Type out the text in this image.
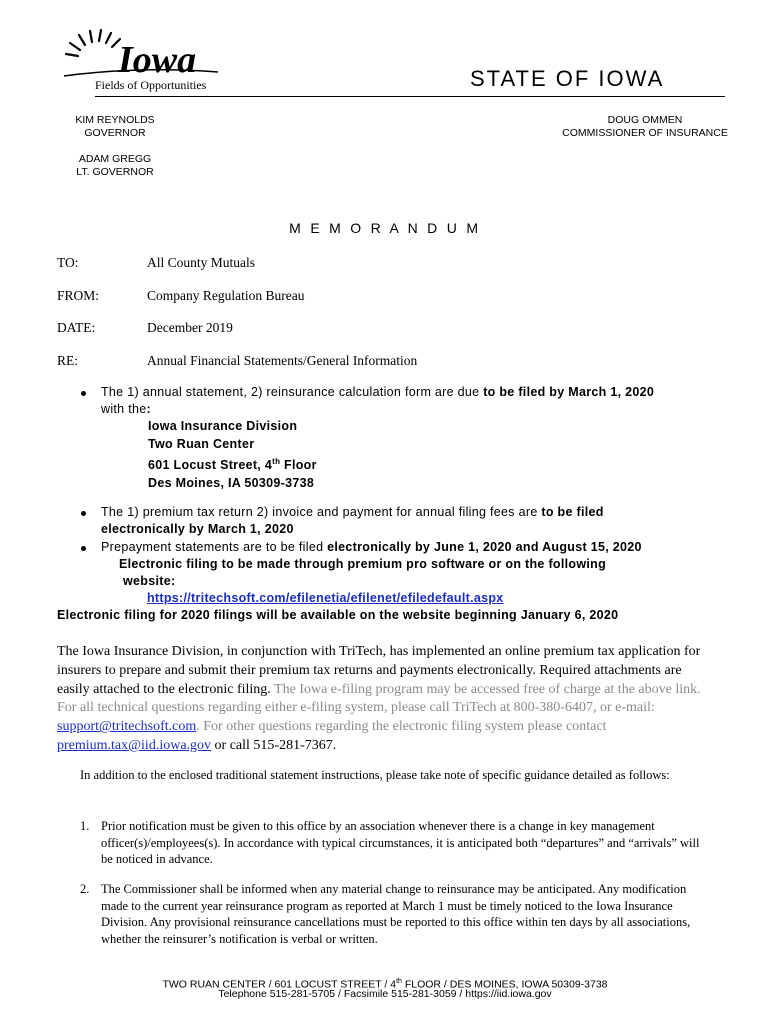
Iowa
Fields of Opportunities	STATE OF IOWA
KIM REYNOLDS
GOVERNOR
ADAM GREGG
LT. GOVERNOR
DOUG OMMEN
COMMISSIONER OF INSURANCE
M E M O R A N D U M
TO:	All County Mutuals
FROM:	Company Regulation Bureau
DATE:	December 2019
RE:	Annual Financial Statements/General Information
The 1) annual statement, 2) reinsurance calculation form are due to be filed by March 1, 2020
with the:
Iowa Insurance Division
Two Ruan Center
601 Locust Street, 4th Floor
Des Moines, IA 50309-3738
The 1) premium tax return 2) invoice and payment for annual filing fees are to be filed
electronically by March 1, 2020
Prepayment statements are to be filed electronically by June 1, 2020 and August 15, 2020
Electronic filing to be made through premium pro software or on the following
website:
https://tritechsoft.com/efilenetia/efilenet/efiledefault.aspx
Electronic filing for 2020 filings will be available on the website beginning January 6, 2020
The Iowa Insurance Division, in conjunction with TriTech, has implemented an online premium tax application for insurers to prepare and submit their premium tax returns and payments electronically. Required attachments are easily attached to the electronic filing. The Iowa e-filing program may be accessed free of charge at the above link. For all technical questions regarding either e-filing system, please call TriTech at 800-380-6407, or e-mail: support@tritechsoft.com. For other questions regarding the electronic filing system please contact premium.tax@iid.iowa.gov or call 515-281-7367.
In addition to the enclosed traditional statement instructions, please take note of specific guidance detailed as follows:
1. Prior notification must be given to this office by an association whenever there is a change in key management officer(s)/employees(s). In accordance with typical circumstances, it is anticipated both “departures” and “arrivals” will be noticed in advance.
2. The Commissioner shall be informed when any material change to reinsurance may be anticipated. Any modification made to the current year reinsurance program as reported at March 1 must be timely noticed to the Iowa Insurance Division. Any provisional reinsurance cancellations must be reported to this office within ten days by all associations, whether the reinsurer’s notification is verbal or written.
TWO RUAN CENTER / 601 LOCUST STREET / 4th FLOOR / DES MOINES, IOWA 50309-3738
Telephone 515-281-5705 / Facsimile 515-281-3059 / https://iid.iowa.gov
